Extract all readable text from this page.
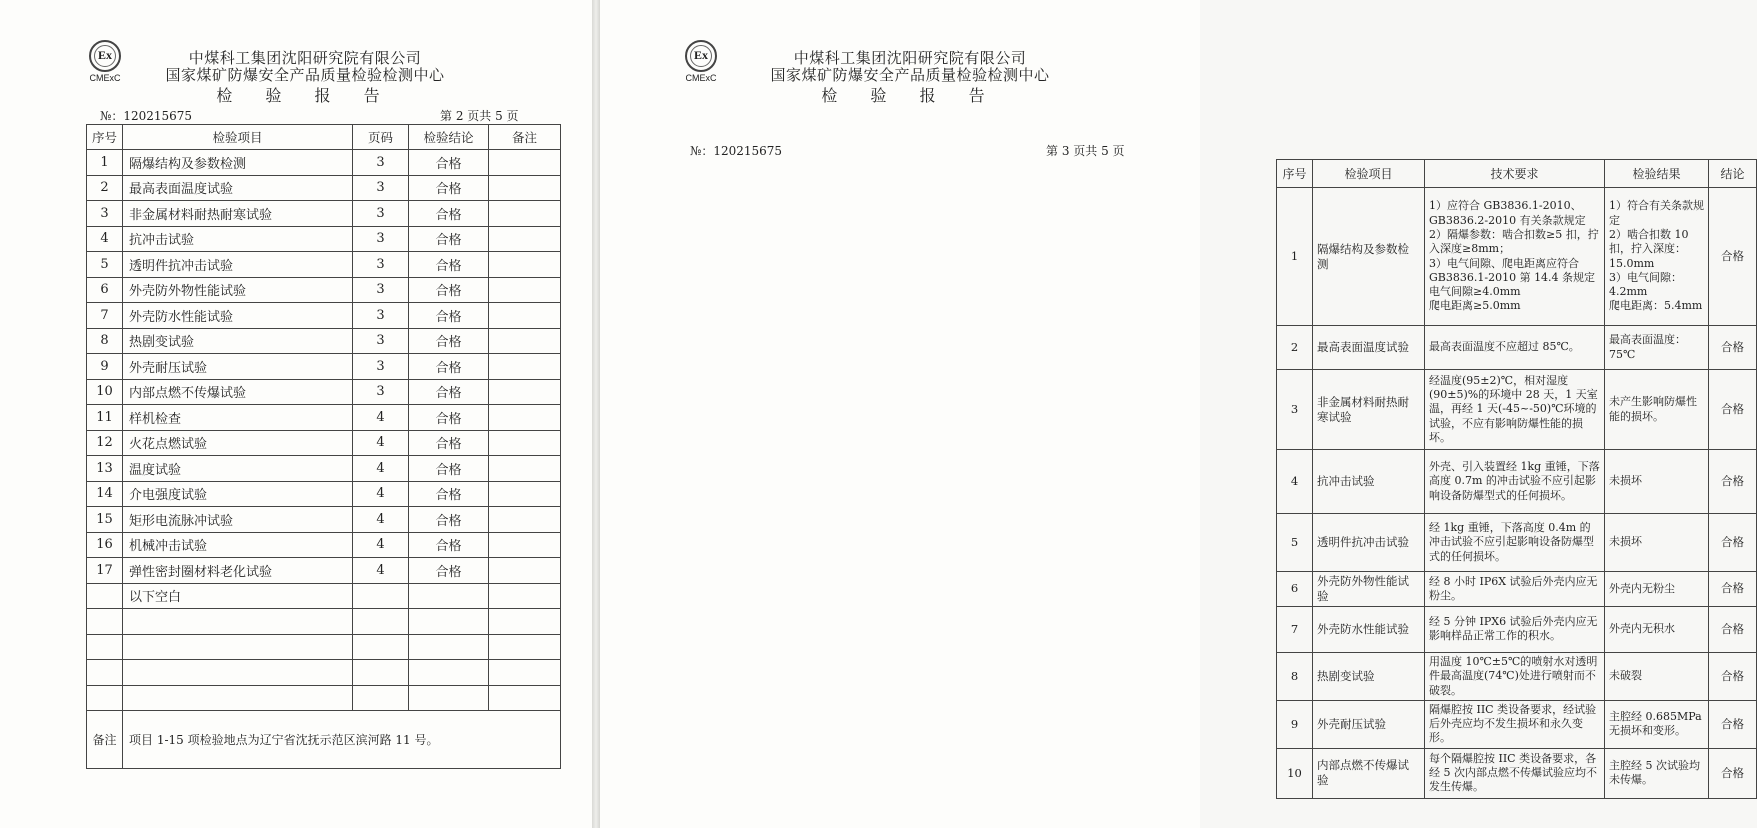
Ex
CMExC
中煤科工集团沈阳研究院有限公司
国家煤矿防爆安全产品质量检验检测中心
检 验 报 告
№：120215675	第 2 页共 5 页
序号	检验项目	页码	检验结论	备注
1	隔爆结构及参数检测	3	合格	
2	最高表面温度试验	3	合格	
3	非金属材料耐热耐寒试验	3	合格	
4	抗冲击试验	3	合格	
5	透明件抗冲击试验	3	合格	
6	外壳防外物性能试验	3	合格	
7	外壳防水性能试验	3	合格	
8	热剧变试验	3	合格	
9	外壳耐压试验	3	合格	
10	内部点燃不传爆试验	3	合格	
11	样机检查	4	合格	
12	火花点燃试验	4	合格	
13	温度试验	4	合格	
14	介电强度试验	4	合格	
15	矩形电流脉冲试验	4	合格	
16	机械冲击试验	4	合格	
17	弹性密封圈材料老化试验	4	合格	
	以下空白			

备注	项目 1-15 项检验地点为辽宁省沈抚示范区滨河路 11 号。			
Ex
CMExC
中煤科工集团沈阳研究院有限公司
国家煤矿防爆安全产品质量检验检测中心
检 验 报 告
№：120215675	第 3 页共 5 页
序号	检验项目	技术要求	检验结果	结论
1	隔爆结构及参数检测	1）应符合 GB3836.1-2010、GB3836.2-2010 有关条款规定
2）隔爆参数：啮合扣数≥5 扣，拧入深度≥8mm；
3）电气间隙、爬电距离应符合 GB3836.1-2010 第 14.4 条规定
电气间隙≥4.0mm
爬电距离≥5.0mm	1）符合有关条款规定
2）啮合扣数 10 扣，拧入深度：15.0mm
3）电气间隙：4.2mm
爬电距离：5.4mm	合格
2	最高表面温度试验	最高表面温度不应超过 85℃。	最高表面温度：75℃	合格
3	非金属材料耐热耐寒试验	经温度(95±2)℃，相对湿度(90±5)%的环境中 28 天，1 天室温，再经 1 天(-45~-50)℃环境的试验，不应有影响防爆性能的损坏。	未产生影响防爆性能的损坏。	合格
4	抗冲击试验	外壳、引入装置经 1kg 重锤，下落高度 0.7m 的冲击试验不应引起影响设备防爆型式的任何损坏。	未损坏	合格
5	透明件抗冲击试验	经 1kg 重锤，下落高度 0.4m 的冲击试验不应引起影响设备防爆型式的任何损坏。	未损坏	合格
6	外壳防外物性能试验	经 8 小时 IP6X 试验后外壳内应无粉尘。	外壳内无粉尘	合格
7	外壳防水性能试验	经 5 分钟 IPX6 试验后外壳内应无影响样品正常工作的积水。	外壳内无积水	合格
8	热剧变试验	用温度 10℃±5℃的喷射水对透明件最高温度(74℃)处进行喷射而不破裂。	未破裂	合格
9	外壳耐压试验	隔爆腔按 IIC 类设备要求，经试验后外壳应均不发生损坏和永久变形。	主腔经 0.685MPa 无损坏和变形。	合格
10	内部点燃不传爆试验	每个隔爆腔按 IIC 类设备要求，各经 5 次内部点燃不传爆试验应均不发生传爆。	主腔经 5 次试验均未传爆。	合格
